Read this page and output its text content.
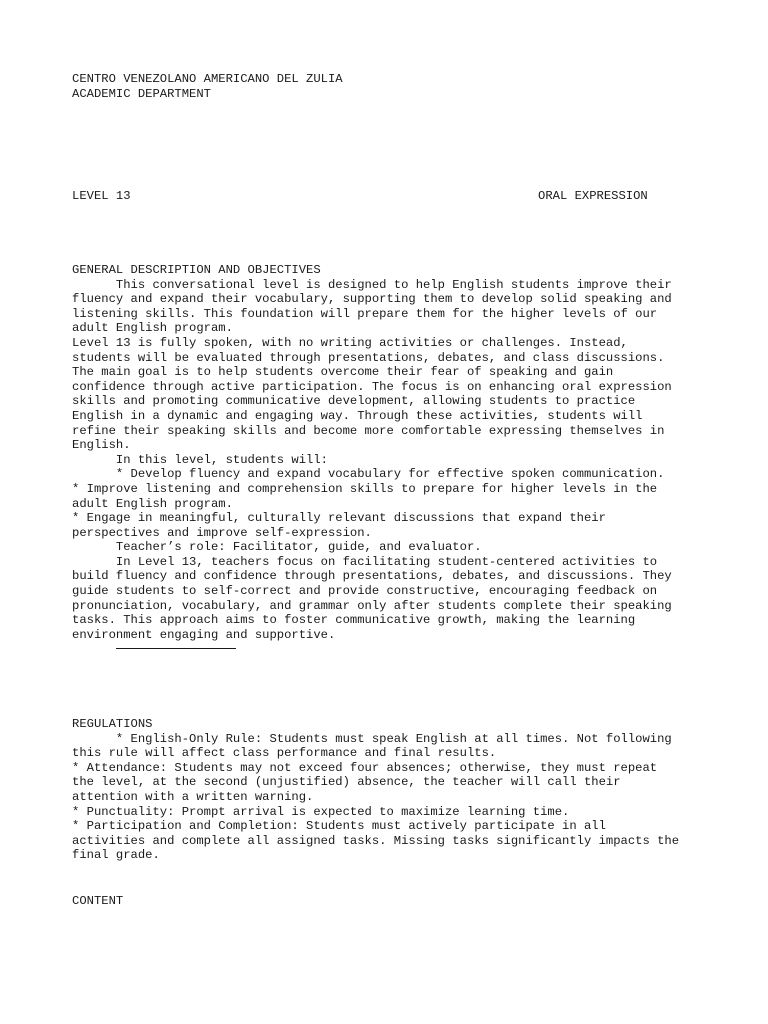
CENTRO VENEZOLANO AMERICANO DEL ZULIA
ACADEMIC DEPARTMENT
LEVEL 13	ORAL EXPRESSION
GENERAL DESCRIPTION AND OBJECTIVES
This conversational level is designed to help English students improve their
fluency and expand their vocabulary, supporting them to develop solid speaking and
listening skills. This foundation will prepare them for the higher levels of our
adult English program.
Level 13 is fully spoken, with no writing activities or challenges. Instead,
students will be evaluated through presentations, debates, and class discussions.
The main goal is to help students overcome their fear of speaking and gain
confidence through active participation. The focus is on enhancing oral expression
skills and promoting communicative development, allowing students to practice
English in a dynamic and engaging way. Through these activities, students will
refine their speaking skills and become more comfortable expressing themselves in
English.
In this level, students will:
* Develop fluency and expand vocabulary for effective spoken communication.
* Improve listening and comprehension skills to prepare for higher levels in the
adult English program.
* Engage in meaningful, culturally relevant discussions that expand their
perspectives and improve self-expression.
Teacher’s role: Facilitator, guide, and evaluator.
In Level 13, teachers focus on facilitating student-centered activities to
build fluency and confidence through presentations, debates, and discussions. They
guide students to self-correct and provide constructive, encouraging feedback on
pronunciation, vocabulary, and grammar only after students complete their speaking
tasks. This approach aims to foster communicative growth, making the learning
environment engaging and supportive.
REGULATIONS
* English-Only Rule: Students must speak English at all times. Not following
this rule will affect class performance and final results.
* Attendance: Students may not exceed four absences; otherwise, they must repeat
the level, at the second (unjustified) absence, the teacher will call their
attention with a written warning.
* Punctuality: Prompt arrival is expected to maximize learning time.
* Participation and Completion: Students must actively participate in all
activities and complete all assigned tasks. Missing tasks significantly impacts the
final grade.
CONTENT
